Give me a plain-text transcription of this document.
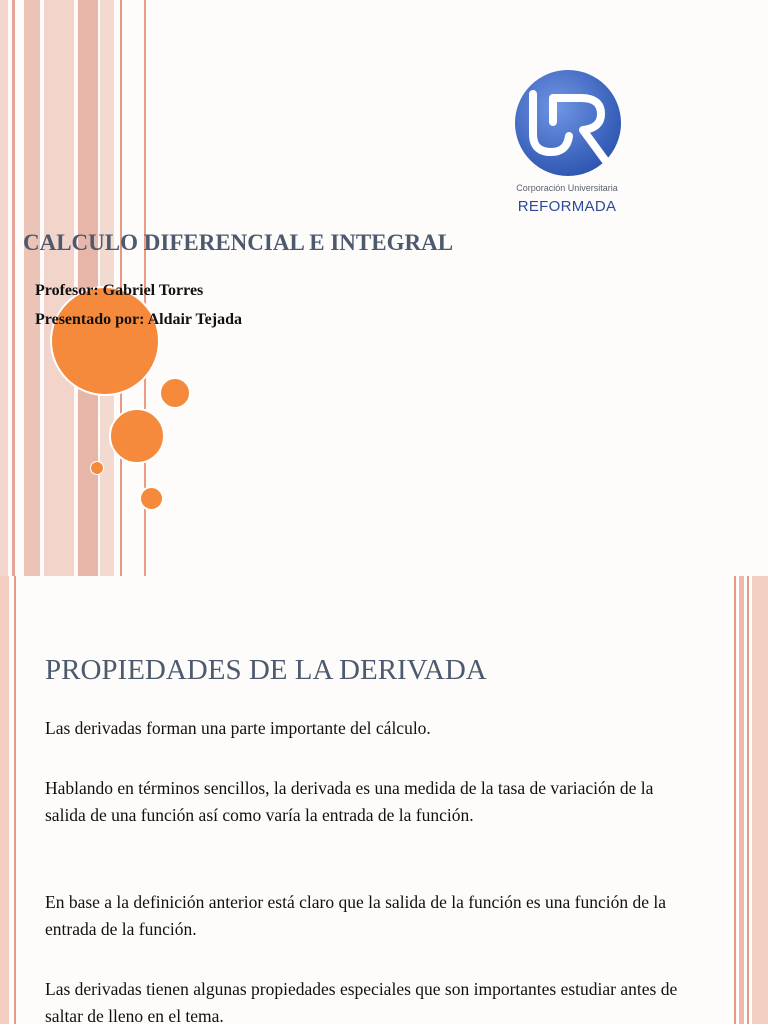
Corporación Universitaria
REFORMADA
CALCULO DIFERENCIAL E INTEGRAL
Profesor: Gabriel Torres
Presentado por: Aldair Tejada
PROPIEDADES DE LA DERIVADA

Las derivadas forman una parte importante del cálculo.

Hablando en términos sencillos, la derivada es una medida de la tasa de variación de la salida de una función así como varía la entrada de la función.

En base a la definición anterior está claro que la salida de la función es una función de la entrada de la función.

Las derivadas tienen algunas propiedades especiales que son importantes estudiar antes de saltar de lleno en el tema.
